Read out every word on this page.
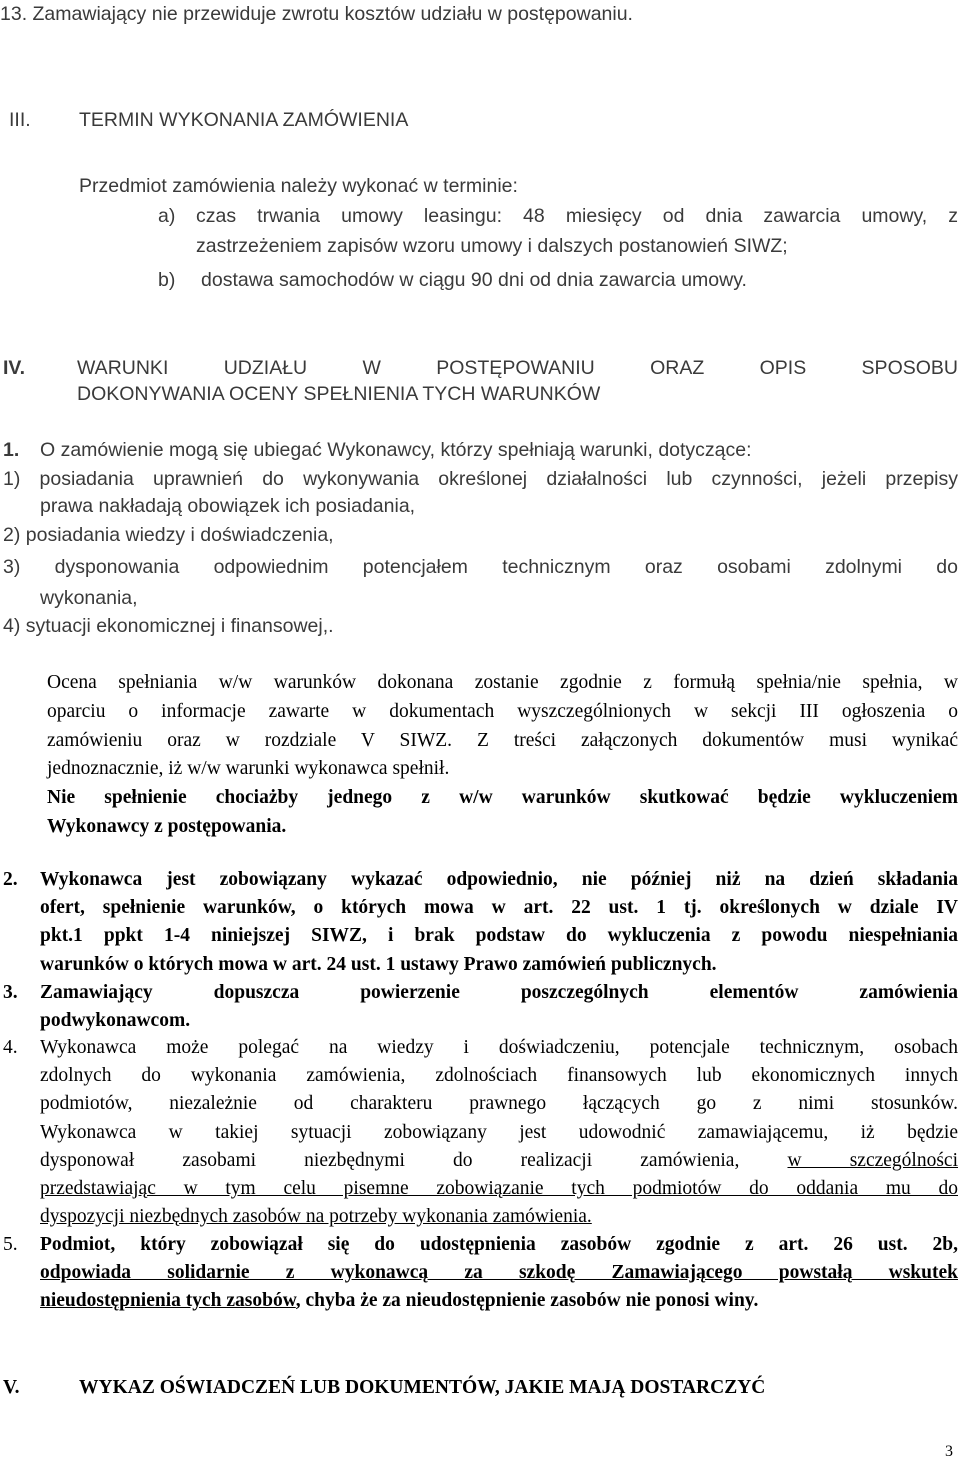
13. Zamawiający nie przewiduje zwrotu kosztów udziału w postępowaniu.
III. TERMIN WYKONANIA ZAMÓWIENIA
Przedmiot zamówienia należy wykonać w terminie:
a) czas trwania umowy leasingu: 48 miesięcy od dnia zawarcia umowy, z
zastrzeżeniem zapisów wzoru umowy i dalszych postanowień SIWZ;
b) dostawa samochodów w ciągu 90 dni od dnia zawarcia umowy.
IV.	WARUNKI UDZIAŁU W POSTĘPOWANIU ORAZ OPIS SPOSOBU
DOKONYWANIA OCENY SPEŁNIENIA TYCH WARUNKÓW
1. O zamówienie mogą się ubiegać Wykonawcy, którzy spełniają warunki, dotyczące:
1) posiadania uprawnień do wykonywania określonej działalności lub czynności, jeżeli przepisy
prawa nakładają obowiązek ich posiadania,
2) posiadania wiedzy i doświadczenia,
3) dysponowania odpowiednim potencjałem technicznym oraz osobami zdolnymi do
wykonania,
4) sytuacji ekonomicznej i finansowej,.
Ocena spełniania w/w warunków dokonana zostanie zgodnie z formułą spełnia/nie spełnia, w
oparciu o informacje zawarte w dokumentach wyszczególnionych w sekcji III ogłoszenia o
zamówieniu oraz w rozdziale V SIWZ. Z treści załączonych dokumentów musi wynikać
jednoznacznie, iż w/w warunki wykonawca spełnił.
Nie spełnienie chociażby jednego z w/w warunków skutkować będzie wykluczeniem
Wykonawcy z postępowania.
2. Wykonawca jest zobowiązany wykazać odpowiednio, nie później niż na dzień składania
ofert, spełnienie warunków, o których mowa w art. 22 ust. 1 tj. określonych w dziale IV
pkt.1 ppkt 1-4 niniejszej SIWZ, i brak podstaw do wykluczenia z powodu niespełniania
warunków o których mowa w art. 24 ust. 1 ustawy Prawo zamówień publicznych.
3. Zamawiający dopuszcza powierzenie poszczególnych elementów zamówienia
podwykonawcom.
4. Wykonawca może polegać na wiedzy i doświadczeniu, potencjale technicznym, osobach
zdolnych do wykonania zamówienia, zdolnościach finansowych lub ekonomicznych innych
podmiotów, niezależnie od charakteru prawnego łączących go z nimi stosunków.
Wykonawca w takiej sytuacji zobowiązany jest udowodnić zamawiającemu, iż będzie
dysponował zasobami niezbędnymi do realizacji zamówienia, w szczególności
przedstawiając w tym celu pisemne zobowiązanie tych podmiotów do oddania mu do
dyspozycji niezbędnych zasobów na potrzeby wykonania zamówienia.
5. Podmiot, który zobowiązał się do udostępnienia zasobów zgodnie z art. 26 ust. 2b,
odpowiada solidarnie z wykonawcą za szkodę Zamawiającego powstałą wskutek
nieudostępnienia tych zasobów, chyba że za nieudostępnienie zasobów nie ponosi winy.
V.	WYKAZ OŚWIADCZEŃ LUB DOKUMENTÓW, JAKIE MAJĄ DOSTARCZYĆ
3
